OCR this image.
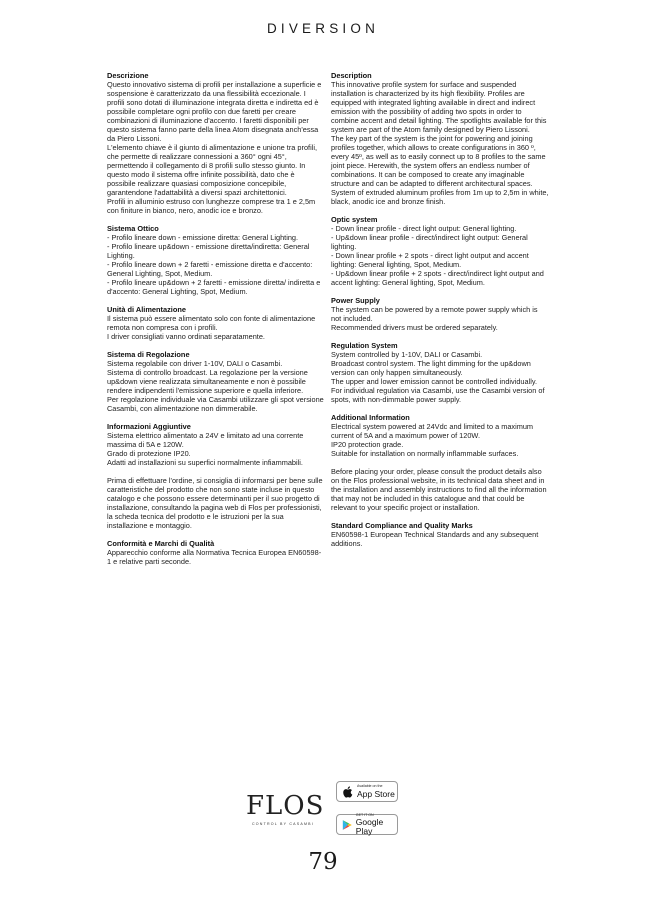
DIVERSION
Descrizione

Questo innovativo sistema di profili per installazione a superficie e sospensione è caratterizzato da una flessibilità eccezionale. I profili sono dotati di illuminazione integrata diretta e indiretta ed è possibile completare ogni profilo con due faretti per creare combinazioni di illuminazione d'accento. I faretti disponibili per questo sistema fanno parte della linea Atom disegnata anch'essa da Piero Lissoni.

L'elemento chiave è il giunto di alimentazione e unione tra profili, che permette di realizzare connessioni a 360° ogni 45°, permettendo il collegamento di 8 profili sullo stesso giunto. In questo modo il sistema offre infinite possibilità, dato che è possibile realizzare quasiasi composizione concepibile, garantendone l'adattabilità a diversi spazi architettonici.

Profili in alluminio estruso con lunghezze comprese tra 1 e 2,5m con finiture in bianco, nero, anodic ice e bronzo.

Sistema Ottico

- Profilo lineare down - emissione diretta: General Lighting.

- Profilo lineare up&down - emissione diretta/indiretta: General Lighting.

- Profilo lineare down + 2 faretti - emissione diretta e d'accento: General Lighting, Spot, Medium.

- Profilo lineare up&down + 2 faretti - emissione diretta/ indiretta e d'accento: General Lighting, Spot, Medium.

Unità di Alimentazione

Il sistema può essere alimentato solo con fonte di alimentazione remota non compresa con i profili.

I driver consigliati vanno ordinati separatamente.

Sistema di Regolazione

Sistema regolabile con driver 1-10V, DALI o Casambi.

Sistema di controllo broadcast. La regolazione per la versione up&down viene realizzata simultaneamente e non è possibile rendere indipendenti l'emissione superiore e quella inferiore.

Per regolazione individuale via Casambi utilizzare gli spot versione Casambi, con alimentazione non dimmerabile.

Informazioni Aggiuntive

Sistema elettrico alimentato a 24V e limitato ad una corrente massima di 5A e 120W.

Grado di protezione IP20.

Adatti ad installazioni su superfici normalmente infiammabili.

Prima di effettuare l'ordine, si consiglia di informarsi per bene sulle caratteristiche del prodotto che non sono state incluse in questo catalogo e che possono essere determinanti per il suo progetto di installazione, consultando la pagina web di Flos per professionisti, la scheda tecnica del prodotto e le istruzioni per la sua installazione e montaggio.

Conformità e Marchi di Qualità

Apparecchio conforme alla Normativa Tecnica Europea EN60598-1 e relative parti seconde.

Description

This innovative profile system for surface and suspended installation is characterized by its high flexibility. Profiles are equipped with integrated lighting available in direct and indirect emission with the possibility of adding two spots in order to combine accent and detail lighting. The spotlights available for this system are part of the Atom family designed by Piero Lissoni.

The key part of the system is the joint for powering and joining profiles together, which allows to create configurations in 360 º, every 45º, as well as to easily connect up to 8 profiles to the same joint piece. Herewith, the system offers an endless number of combinations. It can be composed to create any imaginable structure and can be adapted to different architectural spaces.

System of extruded aluminum profiles from 1m up to 2,5m in white, black, anodic ice and bronze finish.

Optic system

- Down linear profile - direct light output: General lighting.

- Up&down linear profile - direct/indirect light output: General lighting.

- Down linear profile + 2 spots - direct light output and accent lighting: General lighting, Spot, Medium.

- Up&down linear profile + 2 spots - direct/indirect light output and accent lighting: General lighting, Spot, Medium.

Power Supply

The system can be powered by a remote power supply which is not included.

Recommended drivers must be ordered separately.

Regulation System

System controlled by 1-10V, DALI or Casambi.

Broadcast control system. The light dimming for the up&down version can only happen simultaneously.

The upper and lower emission cannot be controlled individually.

For individual regulation via Casambi, use the Casambi version of spots, with non-dimmable power supply.

Additional Information

Electrical system powered at 24Vdc and limited to a maximum current of 5A and a maximum power of 120W.

IP20 protection grade.

Suitable for installation on normally inflammable surfaces.

Before placing your order, please consult the product details also on the Flos professional website, in its technical data sheet and in the installation and assembly instructions to find all the information that may not be included in this catalogue and that could be relevant to your specific project or installation.

Standard Compliance and Quality Marks

EN60598-1 European Technical Standards and any subsequent additions.

FLOS
CONTROL BY CASAMBI
Available on the
App Store
GET IT ON
Google Play
79
